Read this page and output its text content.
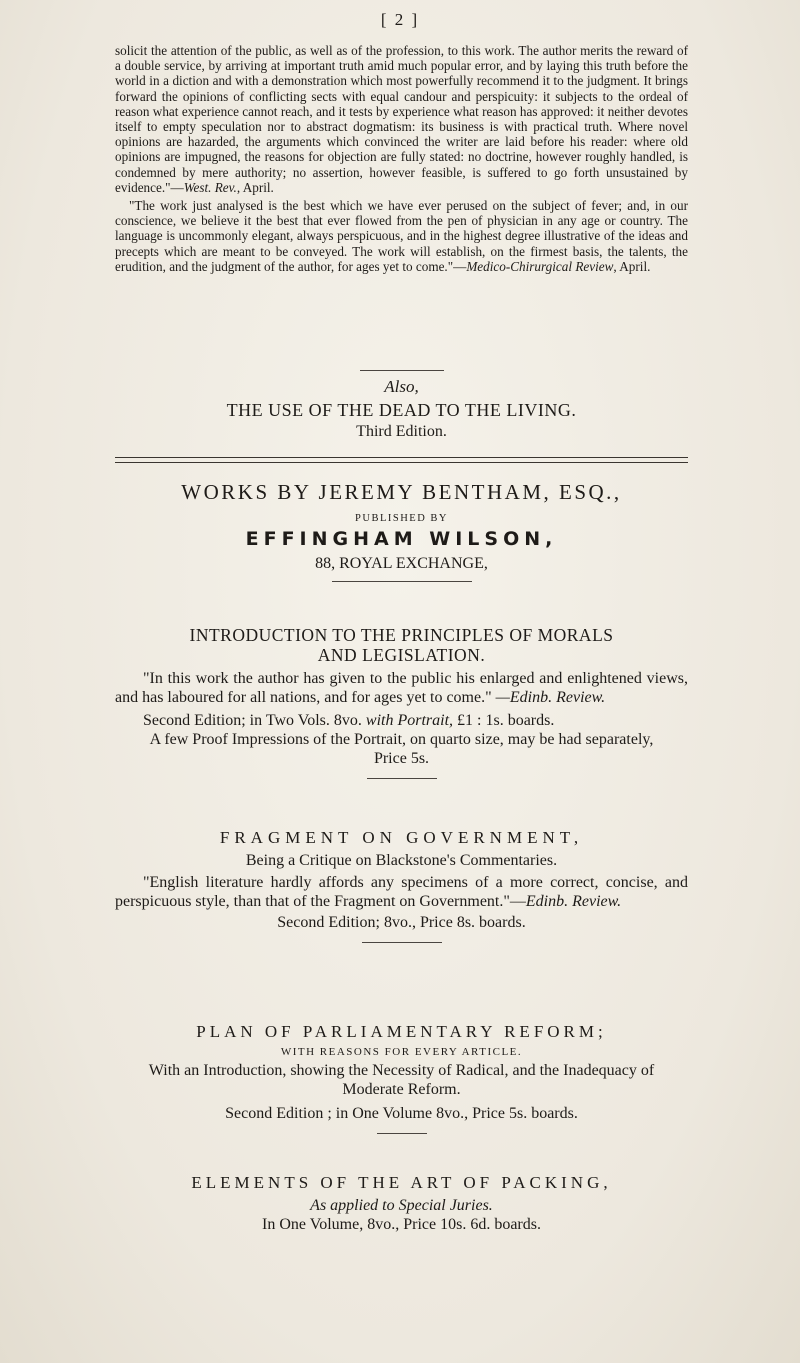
[ 2 ]

solicit the attention of the public, as well as of the profession, to this work. The author merits the reward of a double service, by arriving at important truth amid much popular error, and by laying this truth before the world in a diction and with a demonstration which most powerfully recommend it to the judgment. It brings forward the opinions of conflicting sects with equal candour and perspicuity: it subjects to the ordeal of reason what experience cannot reach, and it tests by experience what reason has approved: it neither devotes itself to empty speculation nor to abstract dogmatism: its business is with practical truth. Where novel opinions are hazarded, the arguments which convinced the writer are laid before his reader: where old opinions are impugned, the reasons for objection are fully stated: no doctrine, however roughly handled, is condemned by mere authority; no assertion, however feasible, is suffered to go forth unsustained by evidence."—West. Rev., April.

"The work just analysed is the best which we have ever perused on the subject of fever; and, in our conscience, we believe it the best that ever flowed from the pen of physician in any age or country. The language is uncommonly elegant, always perspicuous, and in the highest degree illustrative of the ideas and precepts which are meant to be conveyed. The work will establish, on the firmest basis, the talents, the erudition, and the judgment of the author, for ages yet to come."—Medico-Chirurgical Review, April.

Also,
THE USE OF THE DEAD TO THE LIVING.
Third Edition.
WORKS BY JEREMY BENTHAM, ESQ.,
PUBLISHED BY
EFFINGHAM WILSON,
88, ROYAL EXCHANGE,
INTRODUCTION TO THE PRINCIPLES OF MORALS
AND LEGISLATION.
"In this work the author has given to the public his enlarged and enlightened views, and has laboured for all nations, and for ages yet to come." —Edinb. Review.
Second Edition; in Two Vols. 8vo. with Portrait, £1 : 1s. boards.
A few Proof Impressions of the Portrait, on quarto size, may be had separately, Price 5s.
FRAGMENT ON GOVERNMENT,
Being a Critique on Blackstone's Commentaries.
"English literature hardly affords any specimens of a more correct, concise, and perspicuous style, than that of the Fragment on Government."—Edinb. Review.
Second Edition; 8vo., Price 8s. boards.
PLAN OF PARLIAMENTARY REFORM;
WITH REASONS FOR EVERY ARTICLE.
With an Introduction, showing the Necessity of Radical, and the Inadequacy of Moderate Reform.
Second Edition ; in One Volume 8vo., Price 5s. boards.
ELEMENTS OF THE ART OF PACKING,
As applied to Special Juries.
In One Volume, 8vo., Price 10s. 6d. boards.
